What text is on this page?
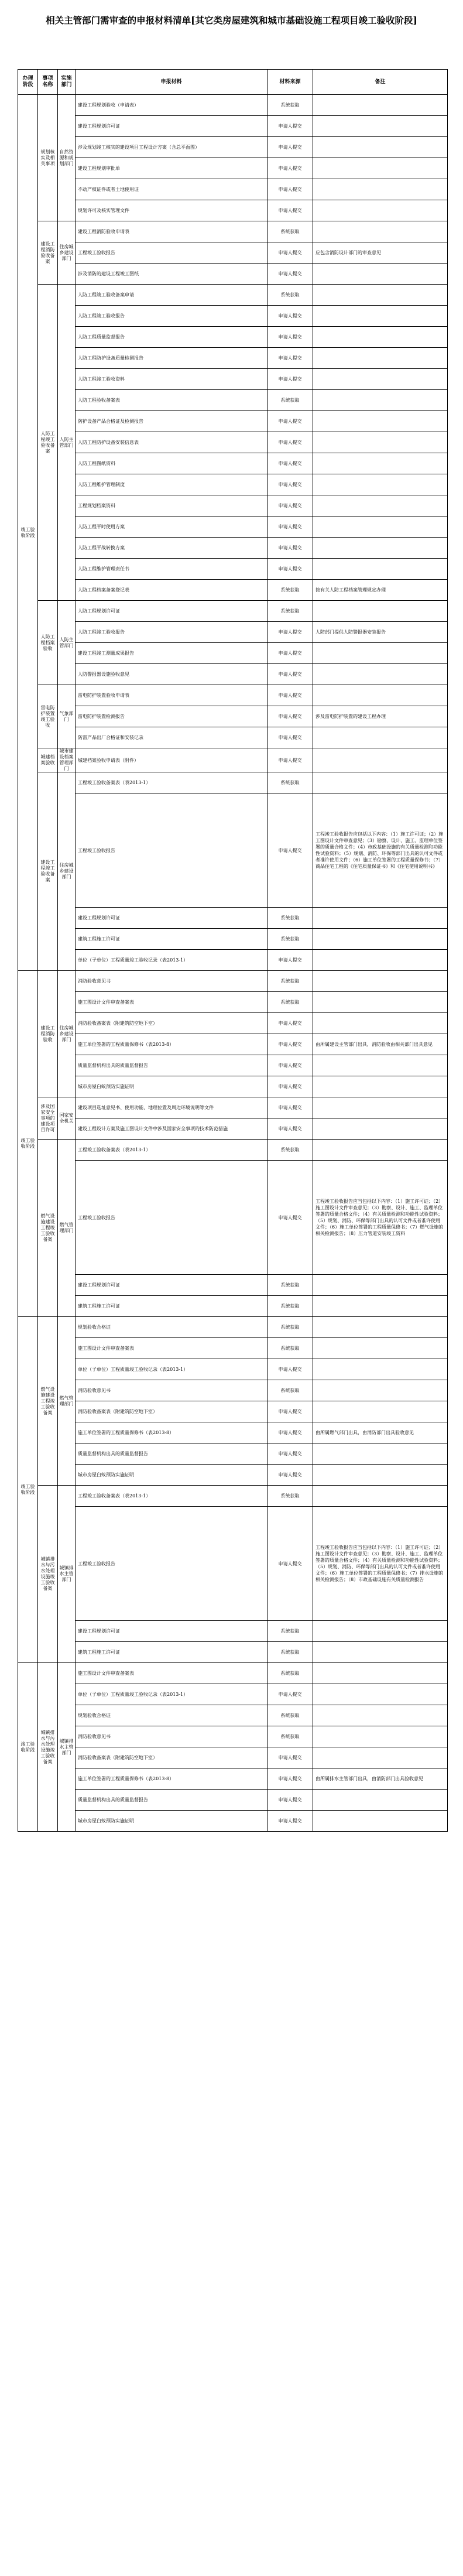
相关主管部门需审查的申报材料清单[其它类房屋建筑和城市基础设施工程项目竣工验收阶段]
办理阶段	事项名称	实施部门	申报材料	材料来源	备注
竣工验收阶段	规划核实及相关事项	自然资源和规划部门	建设工程规划验收（申请表）	系统获取	
			建设工程规划许可证	申请人提交	
			涉及规划竣工核实的建设项目工程设计方案（含总平面图）	申请人提交	
			建设工程规划审批单	申请人提交	
			不动产权证件或者土地使用证	申请人提交	
			规划许可及核实管理文件	申请人提交	
	建设工程消防验收备案	住房城乡建设部门	建设工程消防验收申请表	系统获取	
			工程竣工验收报告	申请人提交	应包含消防设计部门的审查意见
			涉及消防的建设工程竣工图纸	申请人提交	
	人防工程竣工验收备案	人防主管部门	人防工程竣工验收备案申请	系统获取	
			人防工程竣工验收报告	申请人提交	
			人防工程质量监督报告	申请人提交	
			人防工程防护设备质量检测报告	申请人提交	
			人防工程竣工验收资料	申请人提交	
			人防工程验收备案表	系统获取	
			防护设备产品合格证及检测报告	申请人提交	
			人防工程防护设备安装信息表	申请人提交	
			人防工程图纸资料	申请人提交	
			人防工程维护管理制度	申请人提交	
			工程规划档案资料	申请人提交	
			人防工程平时使用方案	申请人提交	
			人防工程平战转换方案	申请人提交	
			人防工程维护管理责任书	申请人提交	
			人防工程档案备案登记表	系统获取	按有关人防工程档案管理规定办理
	人防工程档案验收	人防主管部门	人防工程规划许可证	系统获取	
			人防工程竣工验收报告	申请人提交	人防部门提供人防警报器安装报告
			建设工程竣工测量成果报告	申请人提交	
			人防警报器设施验收意见	申请人提交	
	雷电防护装置竣工验收	气象部门	雷电防护装置验收申请表	申请人提交	
			雷电防护装置检测报告	申请人提交	涉及雷电防护装置的建设工程办理
			防雷产品出厂合格证和安装记录	申请人提交	
	城建档案验收	城市建设档案管理部门	城建档案验收申请表（附件）	申请人提交	
	建设工程竣工验收备案	住房城乡建设部门	工程竣工验收备案表（表2013-1）	系统获取	
			工程竣工验收报告	申请人提交	工程竣工验收报告应包括以下内容：（1）施工许可证；（2）施工图设计文件审查意见；（3）勘察、设计、施工、监理单位签署的质量合格文件；（4）市政基础设施的有关质量检测和功能性试验资料；（5）规划、消防、环保等部门出具的认可文件或者准许使用文件；（6）施工单位签署的工程质量保修书；（7）商品住宅工程的《住宅质量保证书》和《住宅使用说明书》
			建设工程规划许可证	系统获取	
			建筑工程施工许可证	系统获取	
			单位（子单位）工程质量竣工验收记录（表2013-1）	申请人提交	
竣工验收阶段	建设工程消防验收	住房城乡建设部门	消防验收意见书	系统获取	
			施工图设计文件审查备案表	系统获取	
			消防验收备案表（附建筑防空地下室）	申请人提交	
			施工单位签署的工程质量保修书（表2013-8）	申请人提交	由所属建设主管部门出具，消防验收由相关部门出具意见
			质量监督机构出具的质量监督报告	申请人提交	
			城市房屋白蚁预防实施证明	申请人提交	
	涉及国家安全事项的建设项目许可	国家安全机关	建设项目选址意见书、使用功能、地理位置及周边环境说明等文件	申请人提交	
			建设工程设计方案及施工图设计文件中涉及国家安全事项的技术防范措施	申请人提交	
	燃气设施建设工程竣工验收备案	燃气管理部门	工程竣工验收备案表（表2013-1）	系统获取	
			工程竣工验收报告	申请人提交	工程竣工验收报告应当包括以下内容：（1）施工许可证；（2）施工图设计文件审查意见；（3）勘察、设计、施工、监理单位签署的质量合格文件；（4）有关质量检测和功能性试验资料；（5）规划、消防、环保等部门出具的认可文件或者准许使用文件；（6）施工单位签署的工程质量保修书；（7）燃气设施的相关检测报告；（8）压力管道安装竣工资料
			建设工程规划许可证	系统获取	
			建筑工程施工许可证	系统获取	
竣工验收阶段	燃气设施建设工程竣工验收备案	燃气管理部门	规划验收合格证	系统获取	
			施工图设计文件审查备案表	系统获取	
			单位（子单位）工程质量竣工验收记录（表2013-1）	申请人提交	
			消防验收意见书	系统获取	
			消防验收备案表（附建筑防空地下室）	申请人提交	
			施工单位签署的工程质量保修书（表2013-8）	申请人提交	由所属燃气部门出具，由消防部门出具验收意见
			质量监督机构出具的质量监督报告	申请人提交	
			城市房屋白蚁预防实施证明	申请人提交	
	城镇排水与污水处理设施竣工验收备案	城镇排水主管部门	工程竣工验收备案表（表2013-1）	系统获取	
			工程竣工验收报告	申请人提交	工程竣工验收报告应当包括以下内容：（1）施工许可证；（2）施工图设计文件审查意见；（3）勘察、设计、施工、监理单位签署的质量合格文件；（4）有关质量检测和功能性试验资料；（5）规划、消防、环保等部门出具的认可文件或者准许使用文件；（6）施工单位签署的工程质量保修书；（7）排水设施的相关检测报告；（8）市政基础设施有关质量检测报告
			建设工程规划许可证	系统获取	
			建筑工程施工许可证	系统获取	
竣工验收阶段	城镇排水与污水处理设施竣工验收备案	城镇排水主管部门	施工图设计文件审查备案表	系统获取	
			单位（子单位）工程质量竣工验收记录（表2013-1）	申请人提交	
			规划验收合格证	系统获取	
			消防验收意见书	系统获取	
			消防验收备案表（附建筑防空地下室）	申请人提交	
			施工单位签署的工程质量保修书（表2013-8）	申请人提交	由所属排水主管部门出具，由消防部门出具验收意见
			质量监督机构出具的质量监督报告	申请人提交	
			城市房屋白蚁预防实施证明	申请人提交	
